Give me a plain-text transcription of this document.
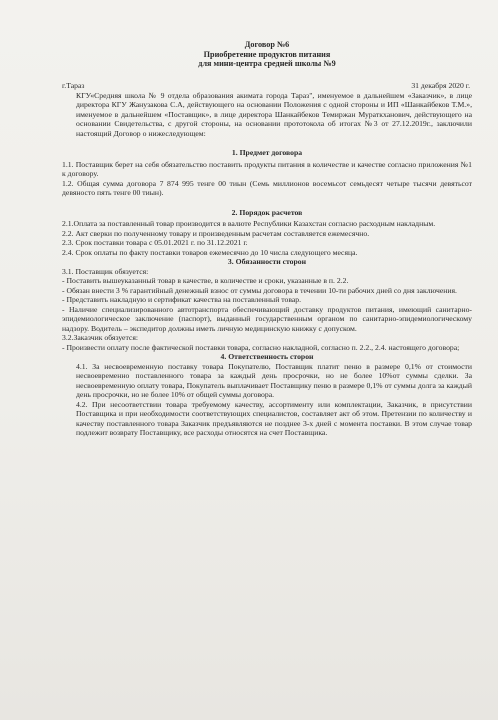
Договор №6
Приобретение продуктов питания
для мини-центра средней школы №9
г.Тараз	31 декабря 2020 г.

КГУ«Средняя школа № 9 отдела образования акимата города Тараз", именуемое в дальнейшем «Заказчик», в лице директора КГУ Жанузакова С.А, действующего на основании Положения с одной стороны и ИП «Шанкайбеков Т.М.», именуемое в дальнейшем «Поставщик», в лице директора Шанкайбеков Темиржан Мураткханович, действующего на основании Свидетельства, с другой стороны, на основании прототокола об итогах №3 от 27.12.2019г., заключили настоящий Договор о нижеследующем:

1. Предмет договора

1.1. Поставщик берет на себя обязательство поставить продукты питания в количестве и качестве согласно приложения №1 к договору.

1.2. Общая сумма договора 7 874 995 тенге 00 тиын (Семь миллионов восемьсот семьдесят четыре тысячи девятьсот девяносто пять тенге 00 тиын).

2. Порядок расчетов

2.1.Оплата за поставленный товар производится в валюте Республики Казахстан согласно расходным накладным.

2.2. Акт сверки по полученному товару и произведенным расчетам составляется ежемесячно.

2.3. Срок поставки товара с 05.01.2021 г. по 31.12.2021 г.

2.4. Срок оплаты по факту поставки товаров ежемесячно до 10 числа следующего месяца.

3. Обязанности сторон

3.1. Поставщик обязуется:

- Поставить вышеуказанный товар в качестве, в количестве и сроки, указанные в п. 2.2.

- Обязан внести 3 % гарантийный денежный взнос от суммы договора в течении 10-ти рабочих дней со дня заключения.

- Представить накладную и сертификат качества на поставленный товар.

- Наличие специализированного автотранспорта обеспечивающий доставку продуктов питания, имеющий санитарно-эпидемиологическое заключение (паспорт), выданный государственным органом по санитарно-эпидемиологическому надзору. Водитель – экспедитор должны иметь личную медицинскую книжку с допуском.

3.2.Заказчик обязуется:

- Произвести оплату после фактической поставки товара, согласно накладной, согласно п. 2.2., 2.4. настоящего договора;

4. Ответственность сторон

4.1. За несвоевременную поставку товара Покупателю, Поставщик платит пеню в размере 0,1% от стоимости несвоевременно поставленного товара за каждый день просрочки, но не более 10%от суммы сделки. За несвоевременную оплату товара, Покупатель выплачивает Поставщику пеню в размере 0,1% от суммы долга за каждый день просрочки, но не более 10% от общей суммы договора.

4.2. При несоответствии товара требуемому качеству, ассортименту или комплектации, Заказчик, в присутствии Поставщика и при необходимости соответствующих специалистов, составляет акт об этом. Претензии по количеству и качеству поставленного товара Заказчик предъявляются не позднее 3-х дней с момента поставки. В этом случае товар подлежит возврату Поставщику, все расходы относятся на счет Поставщика.
